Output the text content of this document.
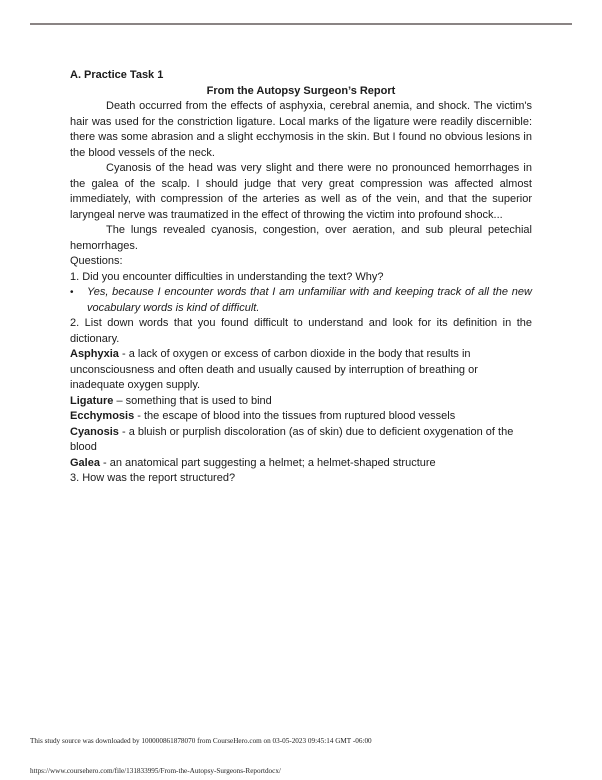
A. Practice Task 1
From the Autopsy Surgeon’s Report

Death occurred from the effects of asphyxia, cerebral anemia, and shock. The victim's hair was used for the constriction ligature. Local marks of the ligature were readily discernible: there was some abrasion and a slight ecchymosis in the skin. But I found no obvious lesions in the blood vessels of the neck.

Cyanosis of the head was very slight and there were no pronounced hemorrhages in the galea of the scalp. I should judge that very great compression was affected almost immediately, with compression of the arteries as well as of the vein, and that the superior laryngeal nerve was traumatized in the effect of throwing the victim into profound shock...

The lungs revealed cyanosis, congestion, over aeration, and sub pleural petechial hemorrhages.

Questions:
1. Did you encounter difficulties in understanding the text? Why?
•	Yes, because I encounter words that I am unfamiliar with and keeping track of all the new vocabulary words is kind of difficult.
2. List down words that you found difficult to understand and look for its definition in the dictionary.
Asphyxia - a lack of oxygen or excess of carbon dioxide in the body that results in unconsciousness and often death and usually caused by interruption of breathing or inadequate oxygen supply.
Ligature – something that is used to bind
Ecchymosis - the escape of blood into the tissues from ruptured blood vessels
Cyanosis - a bluish or purplish discoloration (as of skin) due to deficient oxygenation of the blood
Galea - an anatomical part suggesting a helmet; a helmet-shaped structure
3. How was the report structured?
This study source was downloaded by 100000861878070 from CourseHero.com on 03-05-2023 09:45:14 GMT -06:00
https://www.coursehero.com/file/131833995/From-the-Autopsy-Surgeons-Reportdocx/
